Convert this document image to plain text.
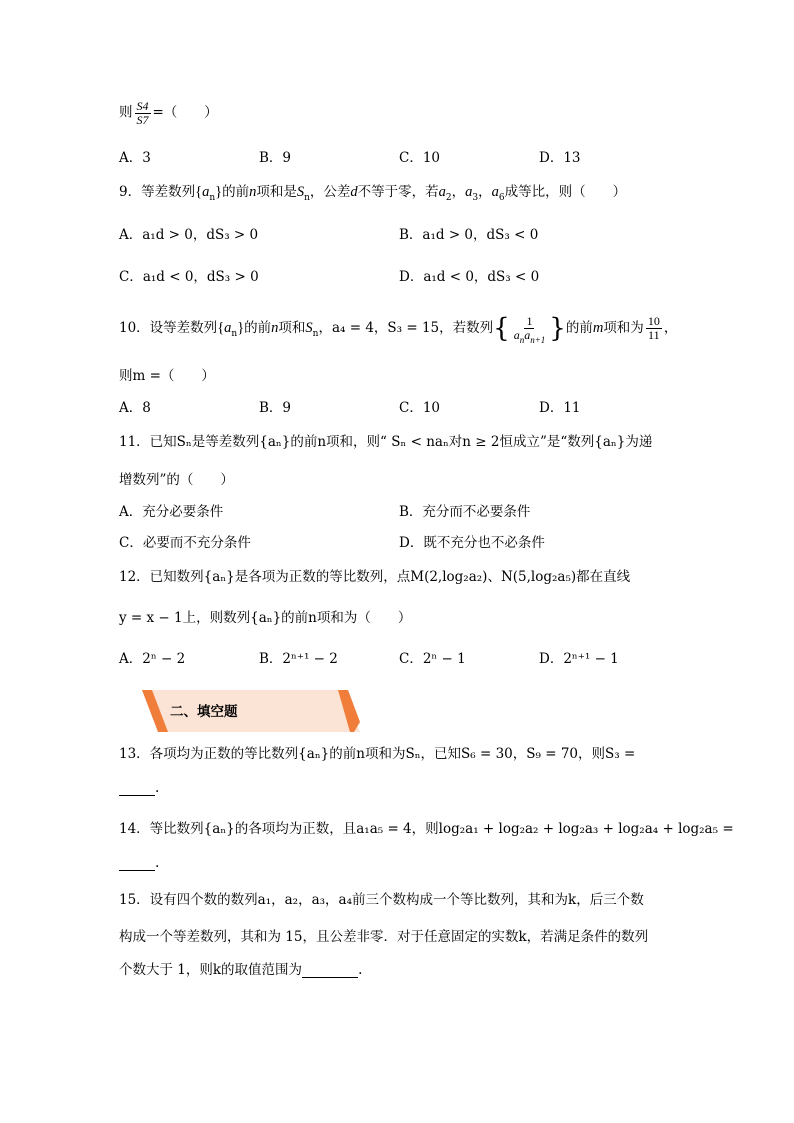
则 $\frac{S4}{S7}$ =（　　）
A．3	B．9	C．10	D．13
9．等差数列$\{a_n\}$的前n项和是$S_n$，公差d不等于零，若$a_2$，$a_3$，$a_6$成等比，则（　　）
A．a₁d > 0，dS₃ > 0	B．a₁d > 0，dS₃ < 0
C．a₁d < 0，dS₃ > 0	D．a₁d < 0，dS₃ < 0
10．设等差数列$\{a_n\}$的前n项和$S_n$，a₄ = 4，S₃ = 15，若数列{ $\frac{1}{a_na_{n+1}}$ }的前m项和为 $\frac{10}{11}$ ，
则m =（　　）
A．8	B．9	C．10	D．11
11．已知Sₙ是等差数列{aₙ}的前n项和，则“ Sₙ < naₙ对n ≥ 2恒成立”是“数列{aₙ}为递
增数列”的（　　）
A．充分必要条件	B．充分而不必要条件
C．必要而不充分条件	D．既不充分也不必条件
12．已知数列{aₙ}是各项为正数的等比数列，点M(2,log₂a₂)、N(5,log₂a₅)都在直线
y = x − 1上，则数列{aₙ}的前n项和为（　　）
A．2ⁿ − 2	B．2ⁿ⁺¹ − 2	C．2ⁿ − 1	D．2ⁿ⁺¹ − 1
二、填空题
13．各项均为正数的等比数列{aₙ}的前n项和为Sₙ，已知S₆ = 30，S₉ = 70，则S₃ =
.
14．等比数列{aₙ}的各项均为正数，且a₁a₅ = 4，则log₂a₁ + log₂a₂ + log₂a₃ + log₂a₄ + log₂a₅ =
.
15．设有四个数的数列a₁，a₂，a₃，a₄前三个数构成一个等比数列，其和为k，后三个数
构成一个等差数列，其和为 15，且公差非零．对于任意固定的实数k，若满足条件的数列
个数大于 1，则k的取值范围为	.
